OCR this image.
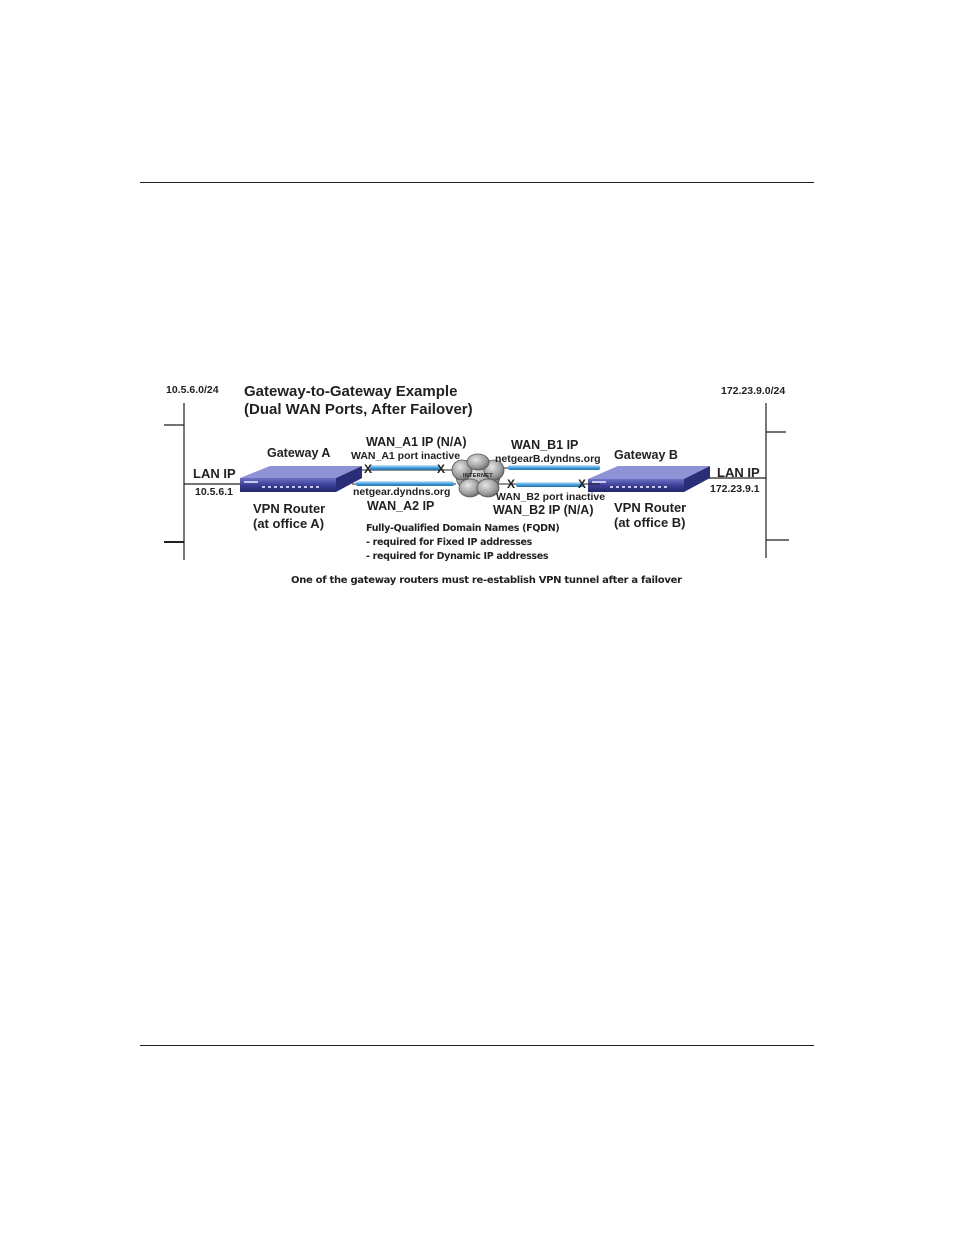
10.5.6.0/24	172.23.9.0/24
Gateway-to-Gateway Example
(Dual WAN Ports, After Failover)
Gateway A	Gateway B
LAN IP
10.5.6.1
LAN IP
172.23.9.1
VPN Router
(at office A)
VPN Router
(at office B)
WAN_A1 IP (N/A)
WAN_A1 port inactive
netgear.dyndns.org
WAN_A2 IP
WAN_B1 IP
netgearB.dyndns.org
WAN_B2 port inactive
WAN_B2 IP (N/A)
INTERNET
X	X
X	X
Fully-Qualified Domain Names (FQDN)
- required for Fixed IP addresses
- required for Dynamic IP addresses
One of the gateway routers must re-establish VPN tunnel after a failover
